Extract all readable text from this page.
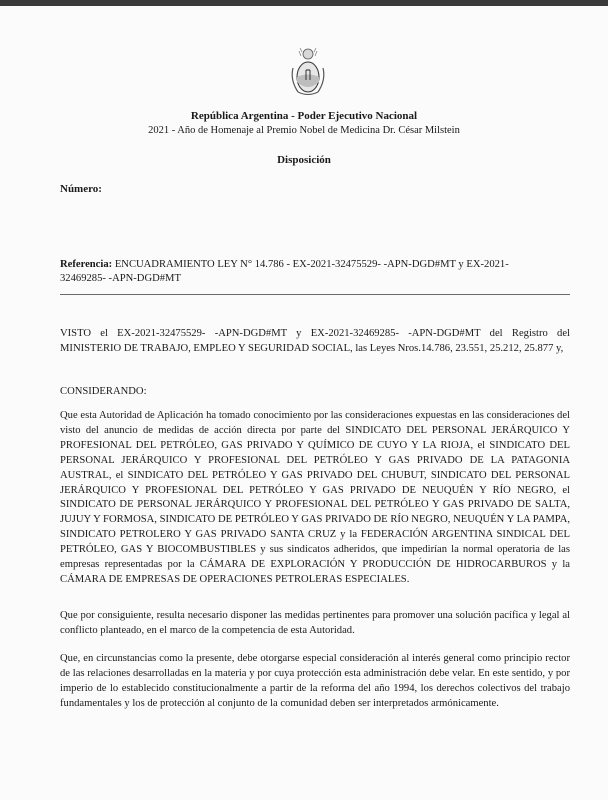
República Argentina - Poder Ejecutivo Nacional
2021 - Año de Homenaje al Premio Nobel de Medicina Dr. César Milstein
Disposición
Número:
Referencia: ENCUADRAMIENTO LEY N° 14.786 - EX-2021-32475529- -APN-DGD#MT y EX-2021-32469285- -APN-DGD#MT
VISTO el EX-2021-32475529- -APN-DGD#MT y EX-2021-32469285- -APN-DGD#MT del Registro del MINISTERIO DE TRABAJO, EMPLEO Y SEGURIDAD SOCIAL, las Leyes Nros.14.786, 23.551, 25.212, 25.877 y,
CONSIDERANDO:
Que esta Autoridad de Aplicación ha tomado conocimiento por las consideraciones expuestas en las consideraciones del visto del anuncio de medidas de acción directa por parte del SINDICATO DEL PERSONAL JERÁRQUICO Y PROFESIONAL DEL PETRÓLEO, GAS PRIVADO Y QUÍMICO DE CUYO Y LA RIOJA, el SINDICATO DEL PERSONAL JERÁRQUICO Y PROFESIONAL DEL PETRÓLEO Y GAS PRIVADO DE LA PATAGONIA AUSTRAL, el SINDICATO DEL PETRÓLEO Y GAS PRIVADO DEL CHUBUT, SINDICATO DEL PERSONAL JERÁRQUICO Y PROFESIONAL DEL PETRÓLEO Y GAS PRIVADO DE NEUQUÉN Y RÍO NEGRO, el SINDICATO DE PERSONAL JERÁRQUICO Y PROFESIONAL DEL PETRÓLEO Y GAS PRIVADO DE SALTA, JUJUY Y FORMOSA, SINDICATO DE PETRÓLEO Y GAS PRIVADO DE RÍO NEGRO, NEUQUÉN Y LA PAMPA, SINDICATO PETROLERO Y GAS PRIVADO SANTA CRUZ y la FEDERACIÓN ARGENTINA SINDICAL DEL PETRÓLEO, GAS Y BIOCOMBUSTIBLES y sus sindicatos adheridos, que impedirían la normal operatoria de las empresas representadas por la CÁMARA DE EXPLORACIÓN Y PRODUCCIÓN DE HIDROCARBUROS y la CÁMARA DE EMPRESAS DE OPERACIONES PETROLERAS ESPECIALES.
Que por consiguiente, resulta necesario disponer las medidas pertinentes para promover una solución pacífica y legal al conflicto planteado, en el marco de la competencia de esta Autoridad.
Que, en circunstancias como la presente, debe otorgarse especial consideración al interés general como principio rector de las relaciones desarrolladas en la materia y por cuya protección esta administración debe velar. En este sentido, y por imperio de lo establecido constitucionalmente a partir de la reforma del año 1994, los derechos colectivos del trabajo fundamentales y los de protección al conjunto de la comunidad deben ser interpretados armónicamente.
